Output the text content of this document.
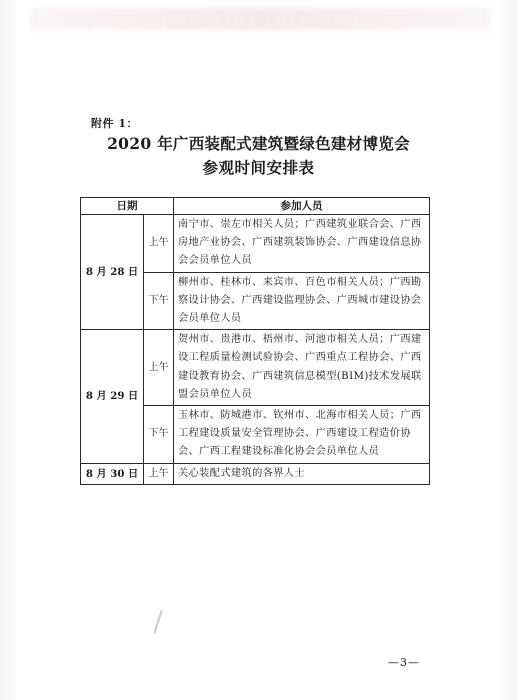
附件 1：
2020 年广西装配式建筑暨绿色建材博览会
参观时间安排表
日期		参加人员
8 月 28 日	上午	南宁市、崇左市相关人员；广西建筑业联合会、广西房地产业协会、广西建筑装饰协会、广西建设信息协会会员单位人员
	下午	柳州市、桂林市、来宾市、百色市相关人员；广西勘察设计协会、广西建设监理协会、广西城市建设协会会员单位人员
8 月 29 日	上午	贺州市、贵港市、梧州市、河池市相关人员；广西建设工程质量检测试验协会、广西重点工程协会、广西建设教育协会、广西建筑信息模型(BIM)技术发展联盟会员单位人员
	下午	玉林市、防城港市、钦州市、北海市相关人员；广西工程建设质量安全管理协会、广西建设工程造价协会、广西工程建设标准化协会会员单位人员
8 月 30 日	上午	关心装配式建筑的各界人士
—3—
